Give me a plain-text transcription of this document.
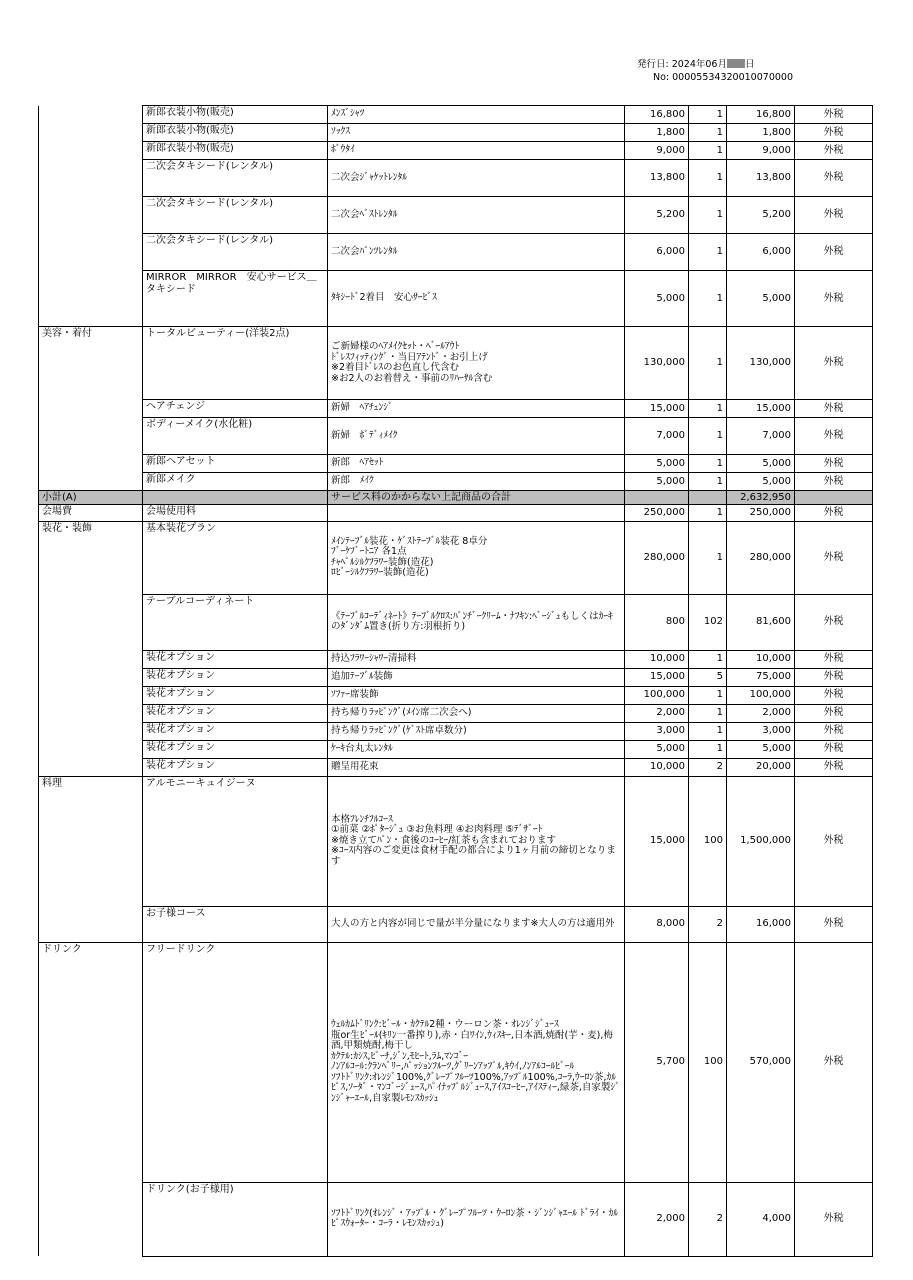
発行日: 2024年06月 日
No: 00005534320010070000
	新郎衣装小物(販売)	ﾒﾝｽﾞｼｬﾂ	16,800	1	16,800	外税
	新郎衣装小物(販売)	ｿｯｸｽ	1,800	1	1,800	外税
	新郎衣装小物(販売)	ﾎﾞｳﾀｲ	9,000	1	9,000	外税
	二次会タキシード(レンタル)	二次会ｼﾞｬｹｯﾄﾚﾝﾀﾙ	13,800	1	13,800	外税
	二次会タキシード(レンタル)	二次会ﾍﾞｽﾄﾚﾝﾀﾙ	5,200	1	5,200	外税
	二次会タキシード(レンタル)	二次会ﾊﾟﾝﾂﾚﾝﾀﾙ	6,000	1	6,000	外税
	MIRROR　MIRROR　安心サービス＿タキシード	ﾀｷｼｰﾄﾞ2着目　安心ｻｰﾋﾞｽ	5,000	1	5,000	外税
美容・着付	トータルビューティー(洋装2点)	ご新婦様のﾍｱﾒｲｸｾｯﾄ・ﾍﾞｰﾙｱｳﾄ
ﾄﾞﾚｽﾌｨｯﾃｨﾝｸﾞ・当日ｱﾃﾝﾄﾞ・お引上げ
※2着目ﾄﾞﾚｽのお色直し代含む
※お2人のお着替え・事前のﾘﾊｰｻﾙ含む	130,000	1	130,000	外税
	ヘアチェンジ	新婦　ﾍｱﾁｪﾝｼﾞ	15,000	1	15,000	外税
	ボディーメイク(水化粧)	新婦　ﾎﾞﾃﾞｨﾒｲｸ	7,000	1	7,000	外税
	新郎ヘアセット	新郎　ﾍｱｾｯﾄ	5,000	1	5,000	外税
	新郎メイク	新郎　ﾒｲｸ	5,000	1	5,000	外税
小計(A)		サービス料のかからない上記商品の合計			2,632,950	
会場費	会場使用料		250,000	1	250,000	外税
装花・装飾	基本装花プラン	ﾒｲﾝﾃｰﾌﾞﾙ装花・ｹﾞｽﾄﾃｰﾌﾞﾙ装花 8卓分
ﾌﾞｰｹﾌﾞｰﾄﾆｱ 各1点
ﾁｬﾍﾟﾙｼﾙｸﾌﾗﾜｰ装飾(造花)
ﾛﾋﾞｰｼﾙｸﾌﾗﾜｰ装飾(造花)	280,000	1	280,000	外税
	テーブルコーディネート	《ﾃｰﾌﾞﾙｺｰﾃﾞｨﾈｰﾄ》ﾃｰﾌﾞﾙｸﾛｽ:ﾊﾟﾝﾁﾞｰｸﾘｰﾑ・ﾅﾌｷﾝ:ﾍﾞｰｼﾞｭもしくはｶｰｷのﾀﾞﾝﾀﾞﾑ置き(折り方:羽根折り)	800	102	81,600	外税
	装花オプション	持込ﾌﾗﾜｰｼｬﾜｰ清掃料	10,000	1	10,000	外税
	装花オプション	追加ﾃｰﾌﾞﾙ装飾	15,000	5	75,000	外税
	装花オプション	ｿﾌｧｰ席装飾	100,000	1	100,000	外税
	装花オプション	持ち帰りﾗｯﾋﾟﾝｸﾞ(ﾒｲﾝ席二次会へ)	2,000	1	2,000	外税
	装花オプション	持ち帰りﾗｯﾋﾟﾝｸﾞ(ｹﾞｽﾄ席卓数分)	3,000	1	3,000	外税
	装花オプション	ｹｰｷ台丸太ﾚﾝﾀﾙ	5,000	1	5,000	外税
	装花オプション	贈呈用花束	10,000	2	20,000	外税
料理	アルモニーキュイジーヌ	本格ﾌﾚﾝﾁﾌﾙｺｰｽ
①前菜 ②ﾎﾟﾀｰｼﾞｭ ③お魚料理 ④お肉料理 ⑤ﾃﾞｻﾞｰﾄ
※焼き立てﾊﾟﾝ・食後のｺｰﾋｰ/紅茶も含まれております
※ｺｰｽ内容のご変更は食材手配の都合により1ヶ月前の締切となります	15,000	100	1,500,000	外税
	お子様コース	大人の方と内容が同じで量が半分量になります※大人の方は適用外	8,000	2	16,000	外税
ドリンク	フリードリンク	ｳｪﾙｶﾑﾄﾞﾘﾝｸ:ﾋﾞｰﾙ・ｶｸﾃﾙ2種・ウーロン茶・ｵﾚﾝｼﾞｼﾞｭｰｽ
瓶or生ﾋﾞｰﾙ(ｷﾘﾝ一番搾り),赤・白ﾜｲﾝ,ｳｨｽｷｰ,日本酒,焼酎(芋・麦),梅酒,甲類焼酎,梅干し
ｶｸﾃﾙ:ｶｼｽ,ﾋﾟｰﾁ,ｼﾞﾝ,ﾓﾋｰﾄ,ﾗﾑ,ﾏﾝｺﾞｰ
ﾉﾝｱﾙｺｰﾙ:ｸﾗﾝﾍﾞﾘｰ,ﾊﾟｯｼｮﾝﾌﾙｰﾂ,ｸﾞﾘｰﾝｱｯﾌﾟﾙ,ｷｳｲ,ﾉﾝｱﾙｺｰﾙﾋﾞｰﾙ
ｿﾌﾄﾄﾞﾘﾝｸ:ｵﾚﾝｼﾞ100%,ｸﾞﾚｰﾌﾟﾌﾙｰﾂ100%,ｱｯﾌﾟﾙ100%,ｺｰﾗ,ｳｰﾛﾝ茶,ｶﾙﾋﾟｽ,ｿｰﾀﾞ・ﾏﾝｺﾞｰｼﾞｭｰｽ,ﾊﾟｲﾅｯﾌﾟﾙｼﾞｭｰｽ,ｱｲｽｺｰﾋｰ,ｱｲｽﾃｨｰ,緑茶,自家製ｼﾞﾝｼﾞｬｰｴｰﾙ,自家製ﾚﾓﾝｽｶｯｼｭ	5,700	100	570,000	外税
	ドリンク(お子様用)	ｿﾌﾄﾄﾞﾘﾝｸ(ｵﾚﾝｼﾞ・ｱｯﾌﾟﾙ・ｸﾞﾚｰﾌﾟﾌﾙｰﾂ・ｳｰﾛﾝ茶・ｼﾞﾝｼﾞｬｴｰﾙ ﾄﾞﾗｲ・ｶﾙﾋﾟｽｳｫｰﾀｰ・ｺｰﾗ・ﾚﾓﾝｽｶｯｼｭ)	2,000	2	4,000	外税
